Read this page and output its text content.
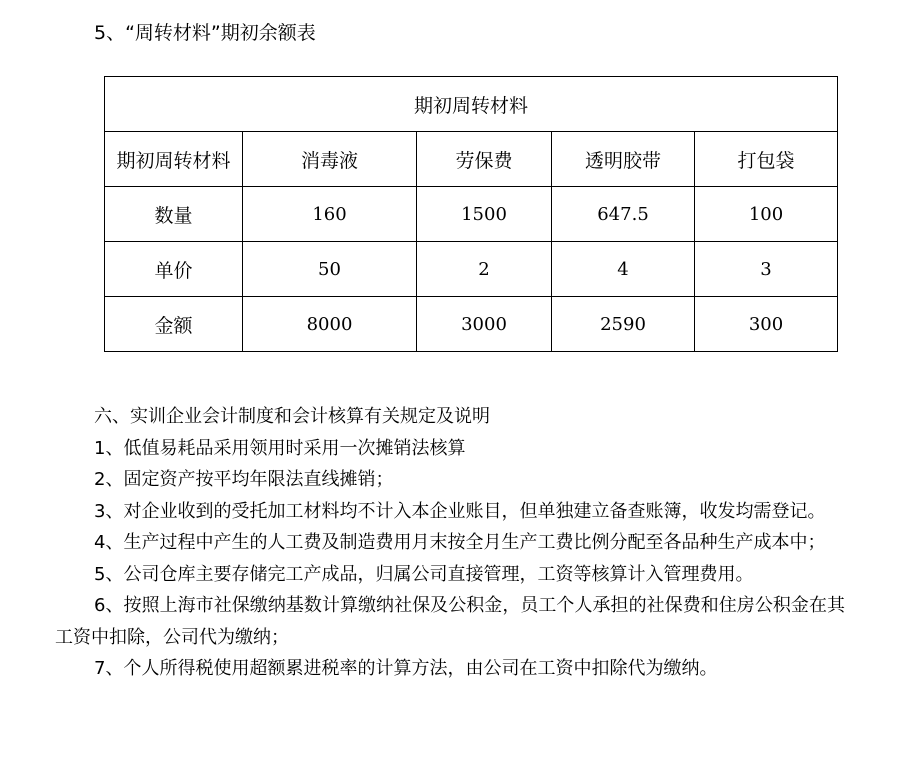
5、“周转材料”期初余额表
期初周转材料				
期初周转材料	消毒液	劳保费	透明胶带	打包袋
数量	160	1500	647.5	100
单价	50	2	4	3
金额	8000	3000	2590	300

六、实训企业会计制度和会计核算有关规定及说明

1、低值易耗品采用领用时采用一次摊销法核算

2、固定资产按平均年限法直线摊销；

3、对企业收到的受托加工材料均不计入本企业账目，但单独建立备查账簿，收发均需登记。

4、生产过程中产生的人工费及制造费用月末按全月生产工费比例分配至各品种生产成本中；

5、公司仓库主要存储完工产成品，归属公司直接管理，工资等核算计入管理费用。

6、按照上海市社保缴纳基数计算缴纳社保及公积金，员工个人承担的社保费和住房公积金在其工资中扣除，公司代为缴纳；

7、个人所得税使用超额累进税率的计算方法，由公司在工资中扣除代为缴纳。
